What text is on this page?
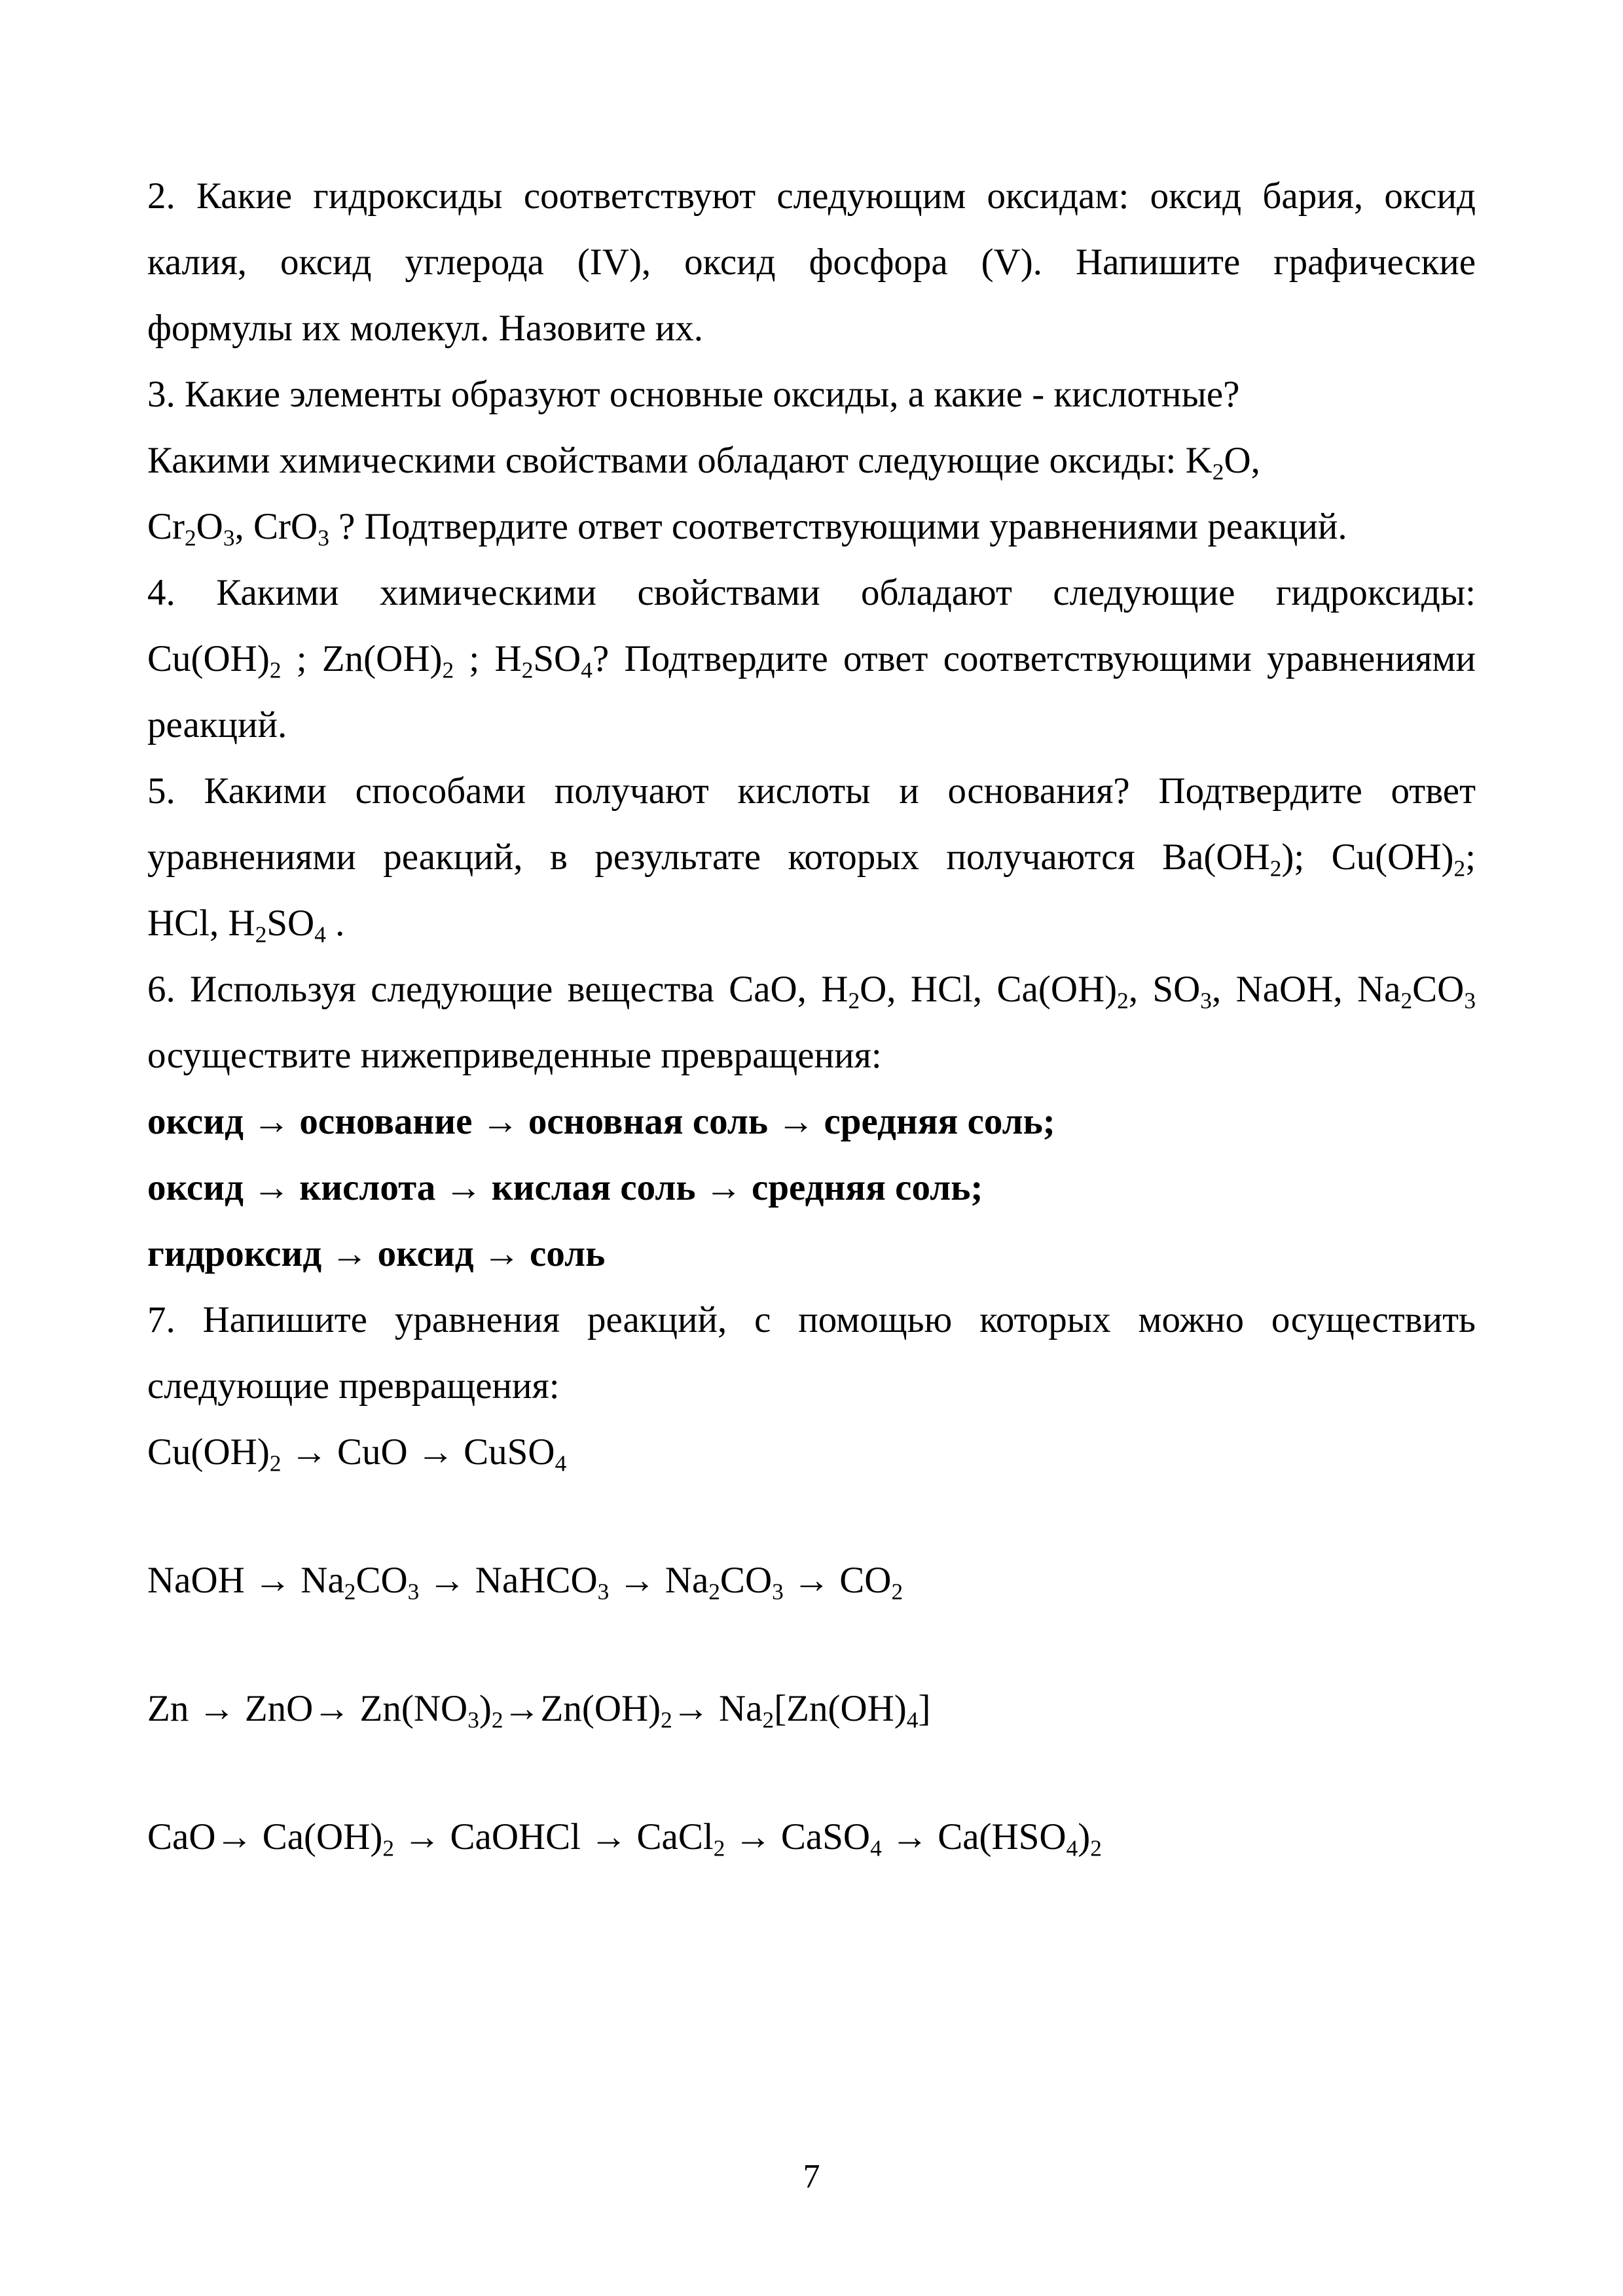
2. Какие гидроксиды соответствуют следующим оксидам: оксид бария, оксид
калия, оксид углерода (IV), оксид фосфора (V). Напишите графические
формулы их молекул. Назовите их.
3. Какие элементы образуют основные оксиды, а какие - кислотные?
Какими химическими свойствами обладают следующие оксиды: $K_2O$,
$Cr_2O_3$, CrO$_3$ ? Подтвердите ответ соответствующими уравнениями реакций.
4. Какими химическими свойствами обладают следующие гидроксиды:
$Cu(OH)_2$ ; $Zn(OH)_2$ ; $H_2SO_4$? Подтвердите ответ соответствующими уравнениями
реакций.
5. Какими способами получают кислоты и основания? Подтвердите ответ
уравнениями реакций, в результате которых получаются $Ba(OH_2)$; $Cu(OH)_2$;
HCl, $H_2SO_4$ .
6. Используя следующие вещества CaO, $H_2O$, HCl, $Ca(OH)_2$, $SO_3$, NaOH, $Na_2CO_3$
осуществите нижеприведенные превращения:
оксид → основание → основная соль → средняя соль;
оксид → кислота → кислая соль → средняя соль;
гидроксид → оксид → соль
7. Напишите уравнения реакций, с помощью которых можно осуществить
следующие превращения:
$Cu(OH)_2$ → CuO → CuSO$_4$
NaOH → $Na_2CO_3$ → NaHCO$_3$ → $Na_2CO_3 \to CO_2$
$Zn \to ZnO\to Zn(NO_3)_2\to Zn(OH)_2\to Na_2[Zn(OH)_4]$
$CaO\to Ca(OH)_2$ → CaOHCl → CaCl$_2$ → CaSO$_4$ → $Ca(HSO_4)_2$
7
